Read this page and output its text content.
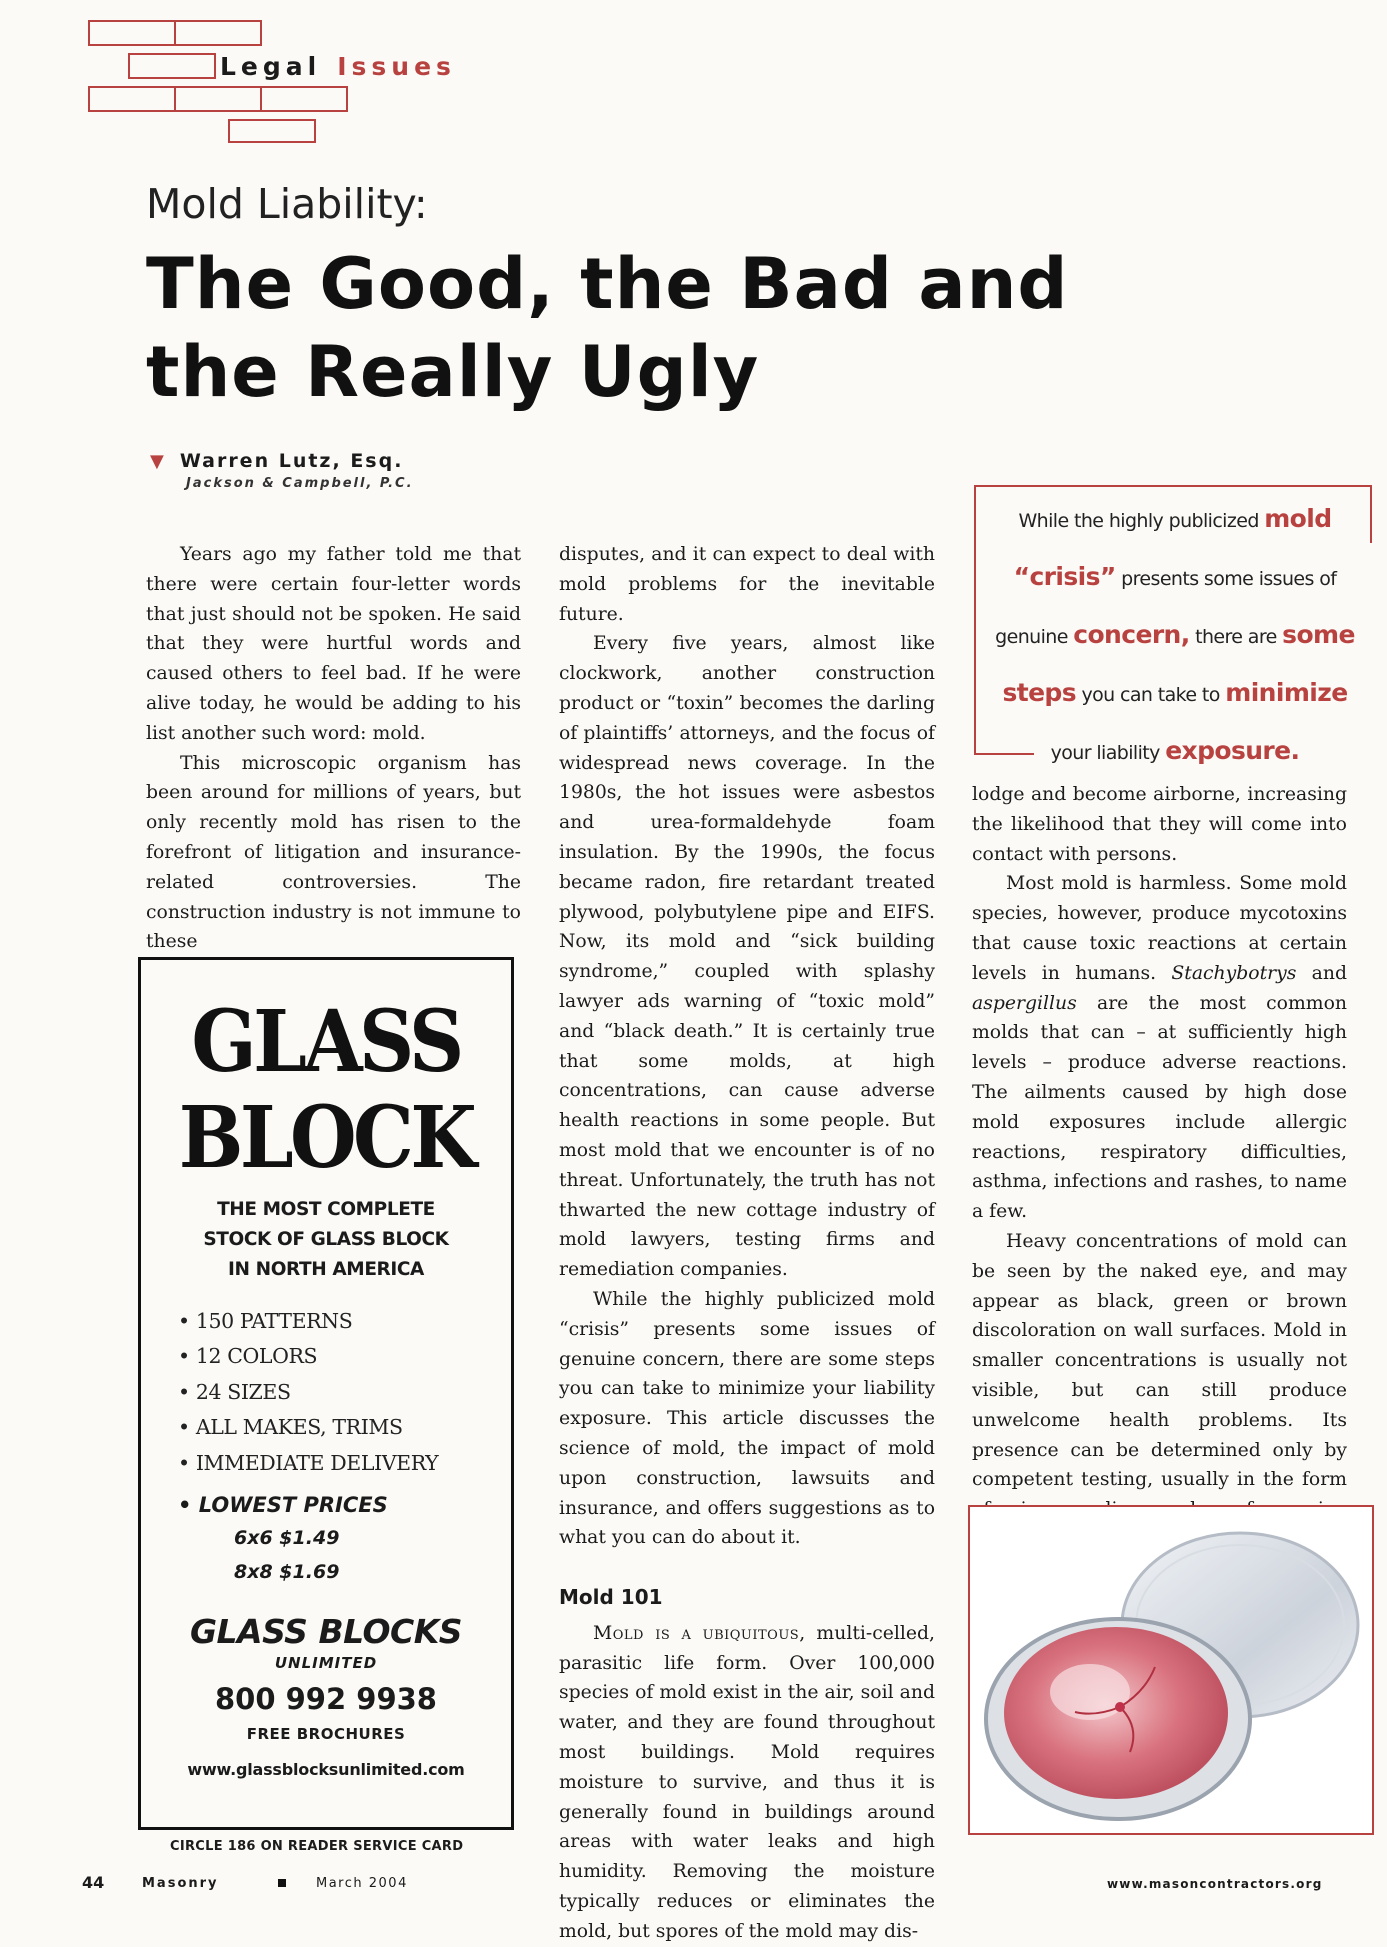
Legal Issues
Mold Liability:
The Good, the Bad and the Really Ugly
▼ Warren Lutz, Esq.
Jackson & Campbell, P.C.

Years ago my father told me that there were certain four-letter words that just should not be spoken. He said that they were hurtful words and caused others to feel bad. If he were alive today, he would be adding to his list another such word: mold.

This microscopic organism has been around for millions of years, but only recently mold has risen to the forefront of litigation and insurance-related controversies. The construction industry is not immune to these

disputes, and it can expect to deal with mold problems for the inevitable future.

Every five years, almost like clockwork, another construction product or “toxin” becomes the darling of plaintiffs’ attorneys, and the focus of widespread news coverage. In the 1980s, the hot issues were asbestos and urea-formaldehyde foam insulation. By the 1990s, the focus became radon, fire retardant treated plywood, polybutylene pipe and EIFS. Now, its mold and “sick building syndrome,” coupled with splashy lawyer ads warning of “toxic mold” and “black death.” It is certainly true that some molds, at high concentrations, can cause adverse health reactions in some people. But most mold that we encounter is of no threat. Unfortunately, the truth has not thwarted the new cottage industry of mold lawyers, testing firms and remediation companies.

While the highly publicized mold “crisis” presents some issues of genuine concern, there are some steps you can take to minimize your liability exposure. This article discusses the science of mold, the impact of mold upon construction, lawsuits and insurance, and offers suggestions as to what you can do about it.

Mold 101

Mold is a ubiquitous, multi-celled, parasitic life form. Over 100,000 species of mold exist in the air, soil and water, and they are found throughout most buildings. Mold requires moisture to survive, and thus it is generally found in buildings around areas with water leaks and high humidity. Removing the moisture typically reduces or eliminates the mold, but spores of the mold may dis-

While the highly publicized mold
“crisis” presents some issues of
genuine concern, there are some
steps you can take to minimize
your liability exposure.

lodge and become airborne, increasing the likelihood that they will come into contact with persons.

Most mold is harmless. Some mold species, however, produce mycotoxins that cause toxic reactions at certain levels in humans. Stachybotrys and aspergillus are the most common molds that can – at sufficiently high levels – produce adverse reactions. The ailments caused by high dose mold exposures include allergic reactions, respiratory difficulties, asthma, infections and rashes, to name a few.

Heavy concentrations of mold can be seen by the naked eye, and may appear as black, green or brown discoloration on wall surfaces. Mold in smaller concentrations is usually not visible, but can still produce unwelcome health problems. Its presence can be determined only by competent testing, usually in the form

GLASS
BLOCK
THE MOST COMPLETE
STOCK OF GLASS BLOCK
IN NORTH AMERICA
• 150 PATTERNS
• 12 COLORS
• 24 SIZES
• ALL MAKES, TRIMS
• IMMEDIATE DELIVERY
• LOWEST PRICES
6x6 $1.49
8x8 $1.69
GLASS BLOCKS
UNLIMITED
800 992 9938
FREE BROCHURES
www.glassblocksunlimited.com
CIRCLE 186 ON READER SERVICE CARD
44	Masonry	March 2004	www.masoncontractors.org
